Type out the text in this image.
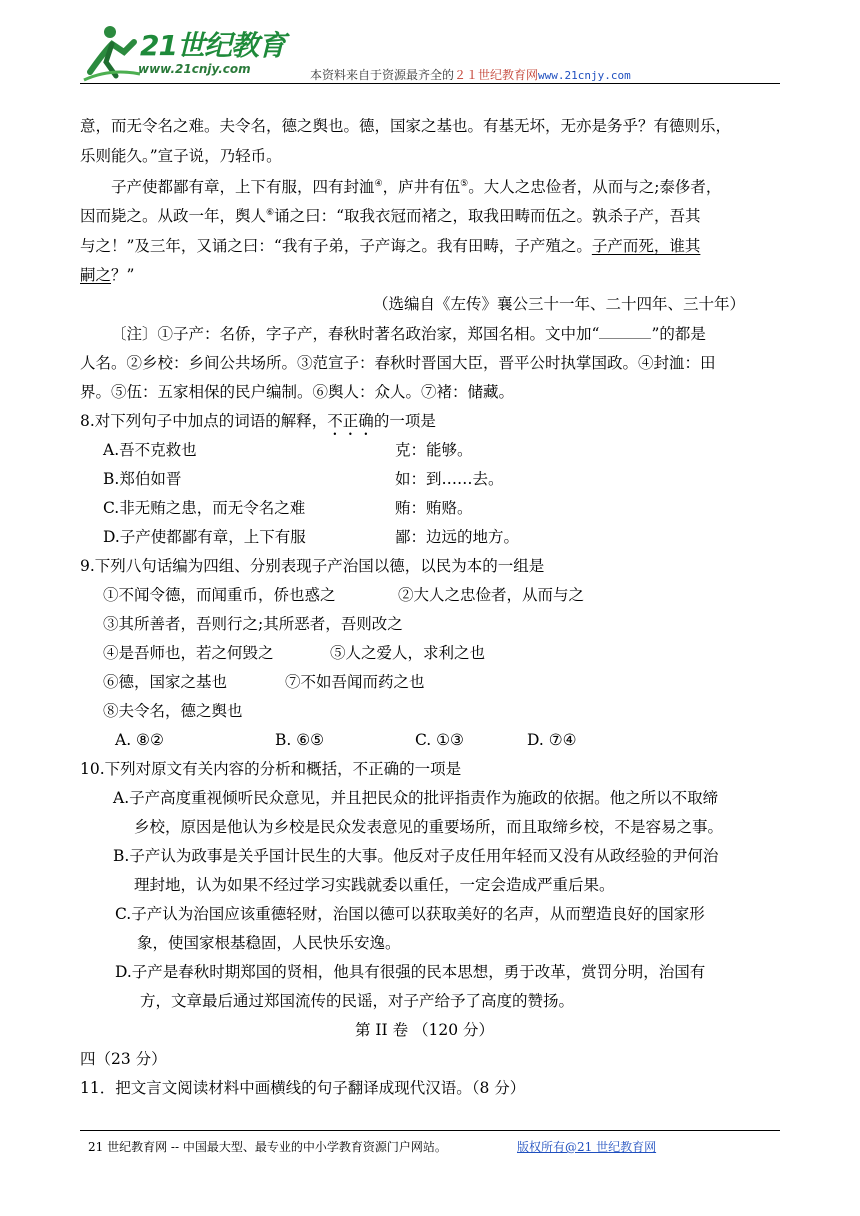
21世纪教育
www.21cnjy.com	本资料来自于资源最齐全的２１世纪教育网www.21cnjy.com
意，而无令名之难。夫令名，德之舆也。德，国家之基也。有基无坏，无亦是务乎？有德则乐，
乐则能久。”宣子说，乃轻币。
子产使都鄙有章，上下有服，四有封洫④，庐井有伍⑤。大人之忠俭者，从而与之;泰侈者，
因而毙之。从政一年，舆人⑥诵之曰：“取我衣冠而褚之，取我田畴而伍之。孰杀子产，吾其
与之！”及三年，又诵之曰：“我有子弟，子产诲之。我有田畴，子产殖之。子产而死，谁其
嗣之？”
（选编自《左传》襄公三十一年、二十四年、三十年）
〔注〕①子产：名侨，字子产，春秋时著名政治家，郑国名相。文中加“	”的都是
人名。②乡校：乡间公共场所。③范宣子：春秋时晋国大臣，晋平公时执掌国政。④封洫：田
界。⑤伍：五家相保的民户编制。⑥舆人：众人。⑦褚：储藏。
8.对下列句子中加点的词语的解释，不正确的一项是
A.吾不克救也	克：能够。
B.郑伯如晋	如：到……去。
C.非无贿之患，而无令名之难	贿：贿赂。
D.子产使都鄙有章，上下有服	鄙：边远的地方。
9.下列八句话编为四组、分别表现子产治国以德，以民为本的一组是
①不闻令德，而闻重币，侨也惑之	②大人之忠俭者，从而与之
③其所善者，吾则行之;其所恶者，吾则改之
④是吾师也，若之何毁之	⑤人之爱人，求利之也
⑥德，国家之基也	⑦不如吾闻而药之也
⑧夫令名，德之舆也
A. ⑧②	B. ⑥⑤	C. ①③	D. ⑦④
10.下列对原文有关内容的分析和概括，不正确的一项是
A.子产高度重视倾听民众意见，并且把民众的批评指责作为施政的依据。他之所以不取缔
乡校，原因是他认为乡校是民众发表意见的重要场所，而且取缔乡校，不是容易之事。
B.子产认为政事是关乎国计民生的大事。他反对子皮任用年轻而又没有从政经验的尹何治
理封地，认为如果不经过学习实践就委以重任，一定会造成严重后果。
C.子产认为治国应该重德轻财，治国以德可以获取美好的名声，从而塑造良好的国家形
象，使国家根基稳固，人民快乐安逸。
D.子产是春秋时期郑国的贤相，他具有很强的民本思想，勇于改革，赏罚分明，治国有
方，文章最后通过郑国流传的民谣，对子产给予了高度的赞扬。
第 II 卷 （120 分）
四（23 分）
11．把文言文阅读材料中画横线的句子翻译成现代汉语。（8 分）
21 世纪教育网 -- 中国最大型、最专业的中小学教育资源门户网站。	版权所有@21 世纪教育网
